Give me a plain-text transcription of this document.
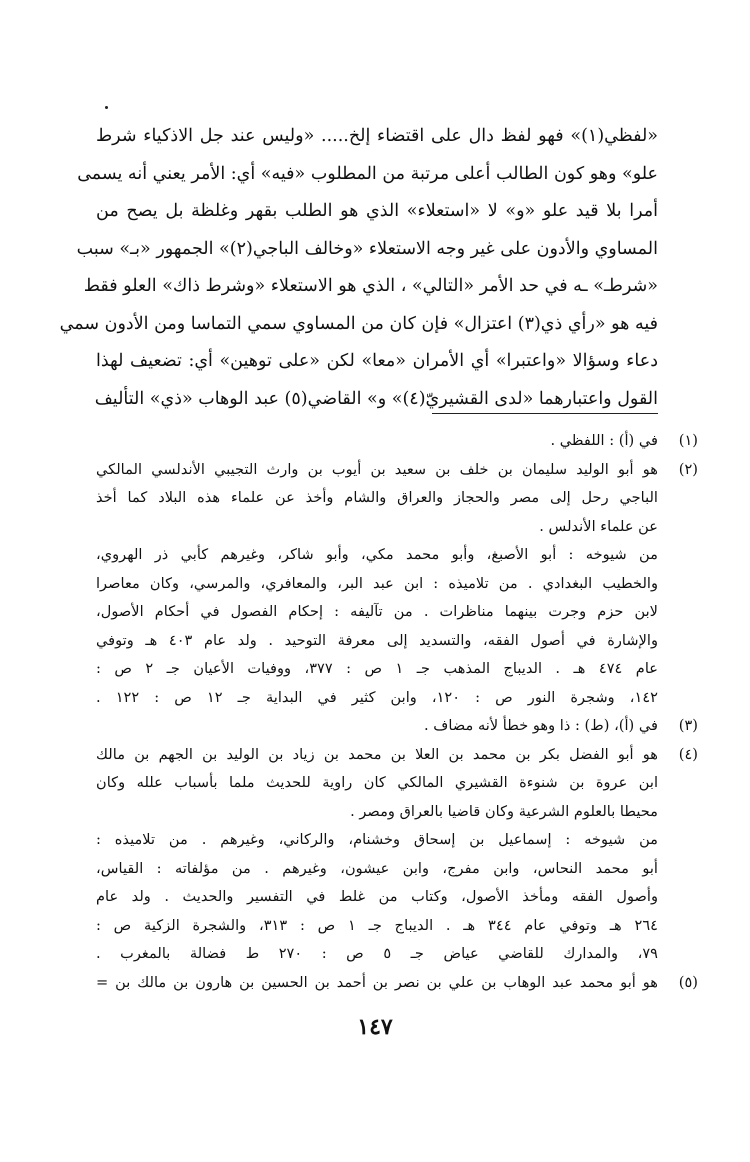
«لفظي(١)» فهو لفظ دال على اقتضاء إلخ..... «وليس عند جل الاذكياء شرط
علو» وهو كون الطالب أعلى مرتبة من المطلوب «فيه» أي: الأمر يعني أنه يسمى
أمرا بلا قيد علو «و» لا «استعلاء» الذي هو الطلب بقهر وغلظة بل يصح من
المساوي والأدون على غير وجه الاستعلاء «وخالف الباجي(٢)» الجمهور «بـ» سبب
«شرطـ» ـه في حد الأمر «التالي» ، الذي هو الاستعلاء «وشرط ذاك» العلو فقط
فيه هو «رأي ذي(٣) اعتزال» فإن كان من المساوي سمي التماسا ومن الأدون سمي
دعاء وسؤالا «واعتبرا» أي الأمران «معا» لكن «على توهين» أي: تضعيف لهذا
القول واعتبارهما «لدى القشيريّ(٤)» و» القاضي(٥) عبد الوهاب «ذي» التأليف
(١)
في (أ) : اللفظي .
(٢)
هو أبو الوليد سليمان بن خلف بن سعيد بن أيوب بن وارث التجيبي الأندلسي المالكي
الباجي رحل إلى مصر والحجاز والعراق والشام وأخذ عن علماء هذه البلاد كما أخذ
عن علماء الأندلس .
من شيوخه : أبو الأصبغ، وأبو محمد مكي، وأبو شاكر، وغيرهم كأبي ذر الهروي،
والخطيب البغدادي . من تلاميذه : ابن عبد البر، والمعافري، والمرسي، وكان معاصرا
لابن حزم وجرت بينهما مناظرات . من تآليفه : إحكام الفصول في أحكام الأصول،
والإشارة في أصول الفقه، والتسديد إلى معرفة التوحيد . ولد عام ٤٠٣ هـ وتوفي
عام ٤٧٤ هـ . الديباج المذهب جـ ١ ص : ٣٧٧، ووفيات الأعيان جـ ٢ ص :
١٤٢، وشجرة النور ص : ١٢٠، وابن كثير في البداية جـ ١٢ ص : ١٢٢ .
(٣)
في (أ)، (ط) : ذا وهو خطأ لأنه مضاف .
(٤)
هو أبو الفضل بكر بن محمد بن العلا بن محمد بن زياد بن الوليد بن الجهم بن مالك
ابن عروة بن شنوءة القشيري المالكي كان راوية للحديث ملما بأسباب علله وكان
محيطا بالعلوم الشرعية وكان قاضيا بالعراق ومصر .
من شيوخه : إسماعيل بن إسحاق وخشنام، والركاني، وغيرهم . من تلاميذه :
أبو محمد النحاس، وابن مفرج، وابن عيشون، وغيرهم . من مؤلفاته : القياس،
وأصول الفقه ومأخذ الأصول، وكتاب من غلط في التفسير والحديث . ولد عام
٢٦٤ هـ وتوفي عام ٣٤٤ هـ . الديباج جـ ١ ص : ٣١٣، والشجرة الزكية ص :
٧٩، والمدارك للقاضي عياض جـ ٥ ص : ٢٧٠ ط فضالة بالمغرب .
(٥)
هو أبو محمد عبد الوهاب بن علي بن نصر بن أحمد بن الحسين بن هارون بن مالك بن =
١٤٧
